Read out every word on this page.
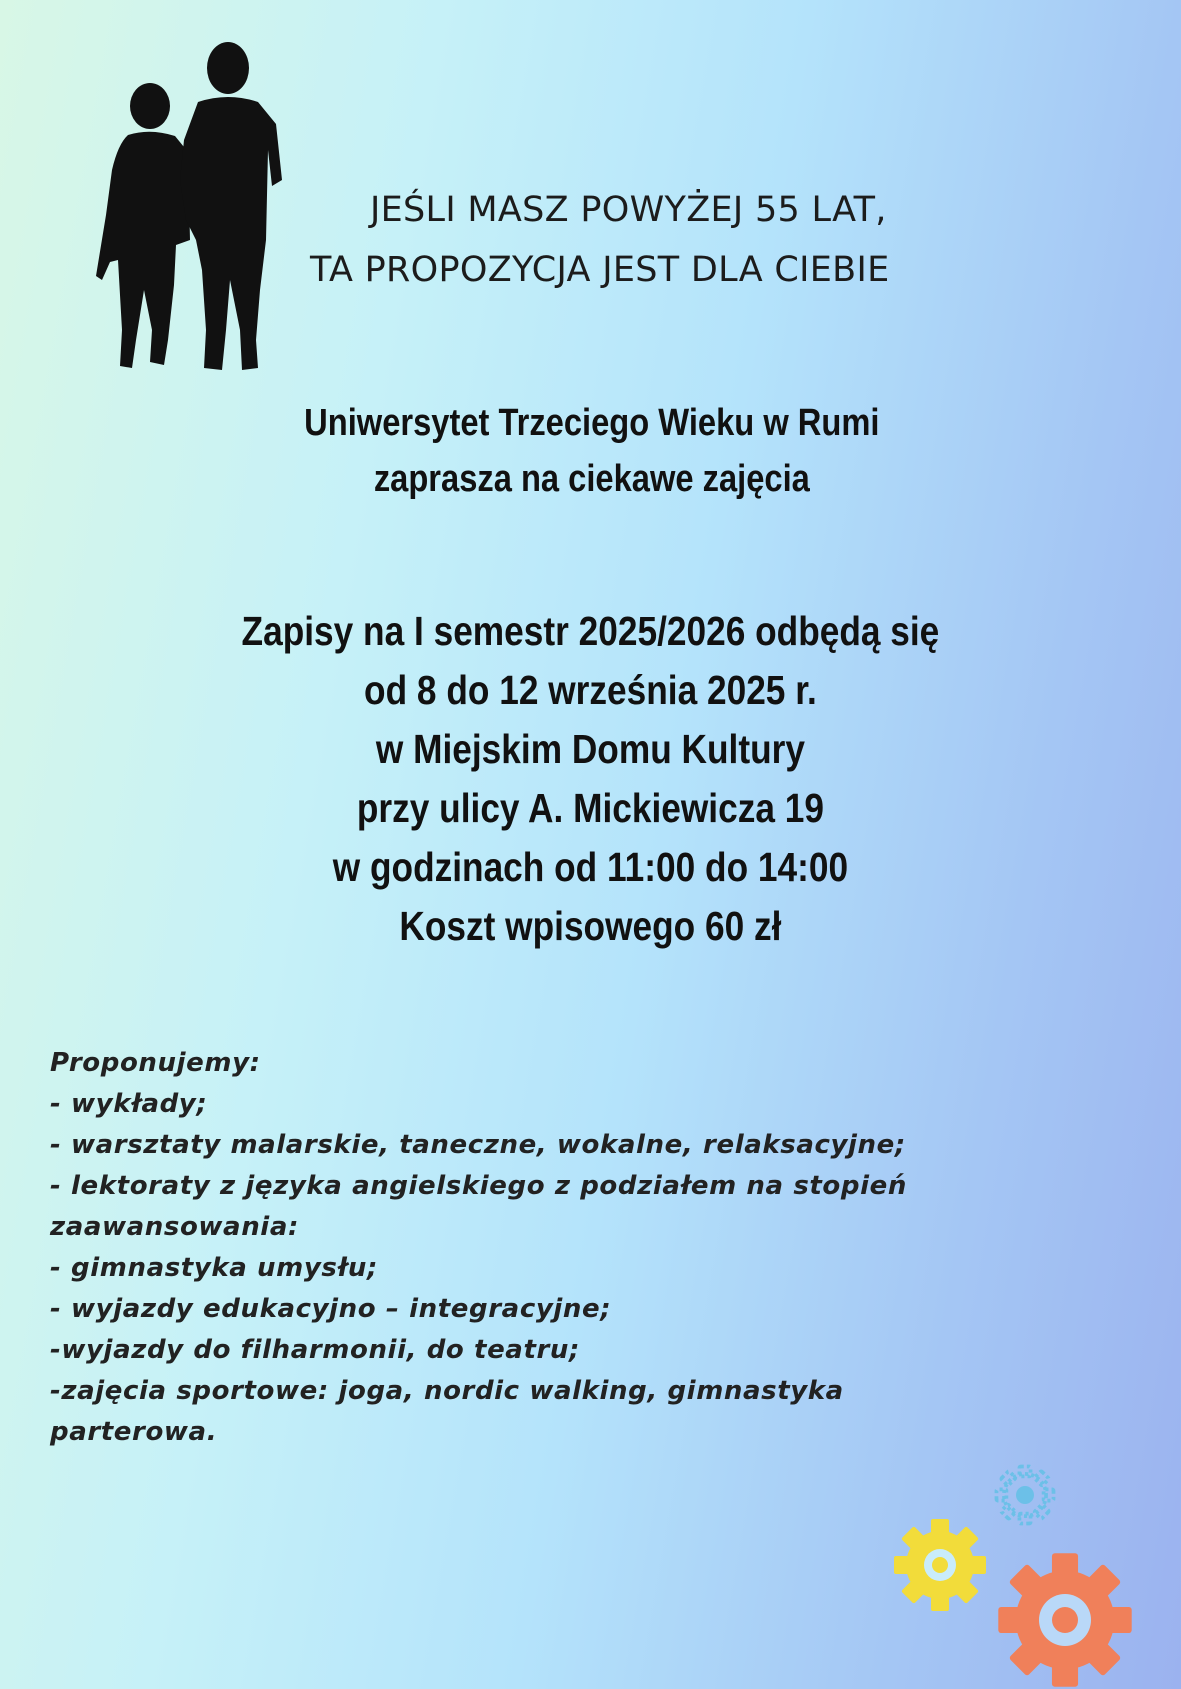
JEŚLI MASZ POWYŻEJ 55 LAT,
TA PROPOZYCJA JEST DLA CIEBIE
Uniwersytet Trzeciego Wieku w Rumi
zaprasza na ciekawe zajęcia
Zapisy na I semestr 2025/2026 odbędą się
od 8 do 12 września 2025 r.
w Miejskim Domu Kultury
przy ulicy A. Mickiewicza 19
w godzinach od 11:00 do 14:00
Koszt wpisowego 60 zł
Proponujemy:
- wykłady;
- warsztaty malarskie, taneczne, wokalne, relaksacyjne;
- lektoraty z języka angielskiego z podziałem na stopień
zaawansowania:
- gimnastyka umysłu;
- wyjazdy edukacyjno – integracyjne;
-wyjazdy do filharmonii, do teatru;
-zajęcia sportowe: joga, nordic walking, gimnastyka
parterowa.
